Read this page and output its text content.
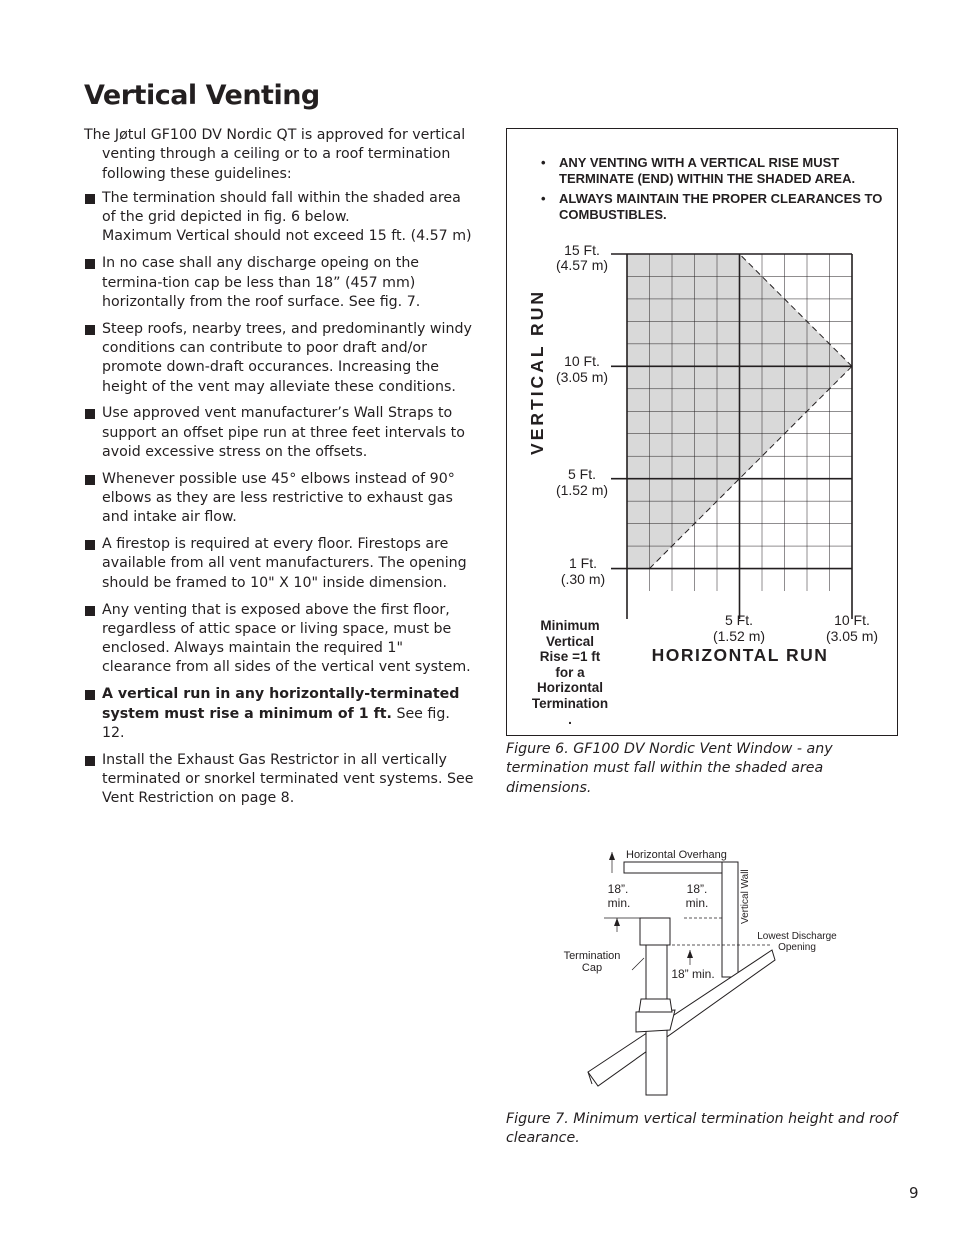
Vertical Venting

The Jøtul GF100 DV Nordic QT is approved for vertical venting through a ceiling or to a roof termination following these guidelines:

The termination should fall within the shaded area of the grid depicted in fig. 6 below.
Maximum Vertical should not exceed 15 ft. (4.57 m)
In no case shall any discharge opeing on the termina-tion cap be less than 18” (457 mm) horizontally from the roof surface. See fig. 7.
Steep roofs, nearby trees, and predominantly windy conditions can contribute to poor draft and/or promote down-draft occurances. Increasing the height of the vent may alleviate these conditions.
Use approved vent manufacturer’s Wall Straps to support an offset pipe run at three feet intervals to avoid excessive stress on the offsets.
Whenever possible use 45° elbows instead of 90° elbows as they are less restrictive to exhaust gas and intake air flow.
A firestop is required at every floor. Firestops are available from all vent manufacturers. The opening should be framed to 10" X 10" inside dimension.
Any venting that is exposed above the first floor, regardless of attic space or living space, must be enclosed. Always maintain the required 1" clearance from all sides of the vertical vent system.
A vertical run in any horizontally-terminated system must rise a minimum of 1 ft. See fig. 12.
Install the Exhaust Gas Restrictor in all vertically terminated or snorkel terminated vent systems. See Vent Restriction on page 8.
• ANY VENTING WITH A VERTICAL RISE MUST TERMINATE (END) WITHIN THE SHADED AREA.
• ALWAYS MAINTAIN THE PROPER CLEARANCES TO COMBUSTIBLES.
VERTICAL RUN
HORIZONTAL RUN
15 Ft.
(4.57 m)
10 Ft.
(3.05 m)
5 Ft.
(1.52 m)
1 Ft.
(.30 m)
5 Ft.
(1.52 m)
10 Ft.
(3.05 m)
Minimum
Vertical
Rise =1 ft
for a
Horizontal
Termination
.
Figure 6. GF100 DV Nordic Vent Window - any termination must fall within the shaded area dimensions.
Horizontal Overhang
Vertical Wall
18”.
min.
18”.
min.
Lowest Discharge
Opening
Termination
Cap	18” min.
Figure 7. Minimum vertical termination height and roof clearance.
9
